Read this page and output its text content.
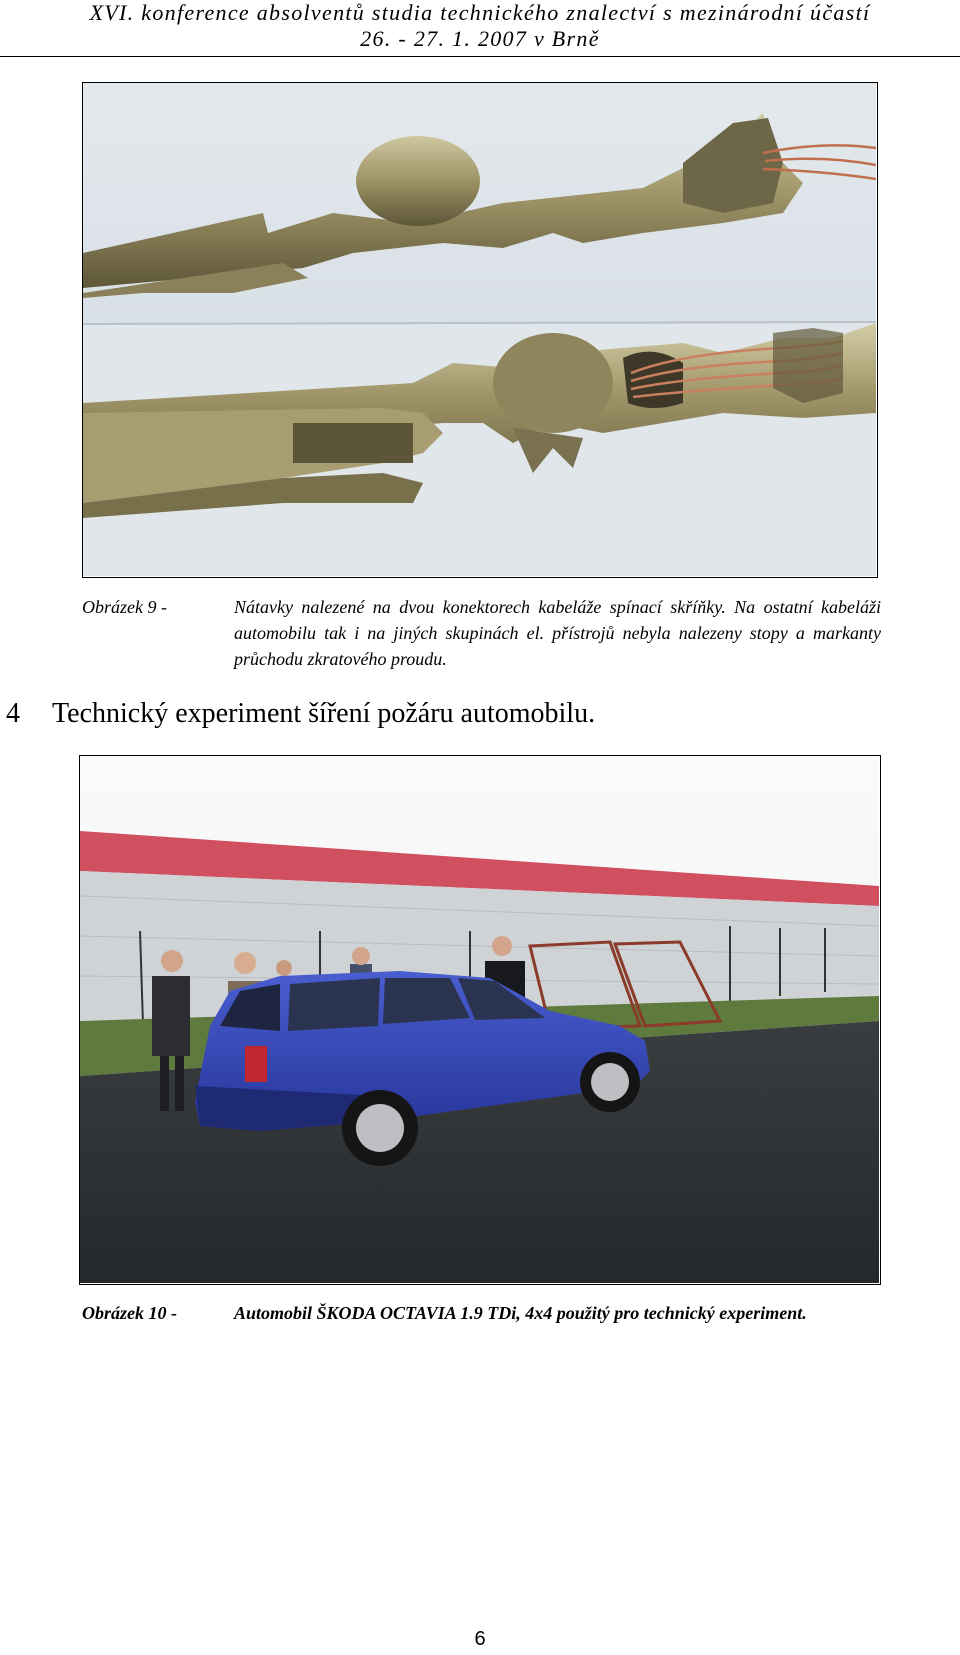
XVI. konference absolventů studia technického znalectví s mezinárodní účastí
26. - 27. 1. 2007 v Brně
Obrázek 9 -	Nátavky nalezené na dvou konektorech kabeláže spínací skříňky. Na ostatní kabeláži automobilu tak i na jiných skupinách el. přístrojů nebyla nalezeny stopy a markanty průchodu zkratového proudu.
4 Technický experiment šíření požáru automobilu.
Obrázek 10 -	Automobil ŠKODA OCTAVIA 1.9 TDi, 4x4 použitý pro technický experiment.
6
